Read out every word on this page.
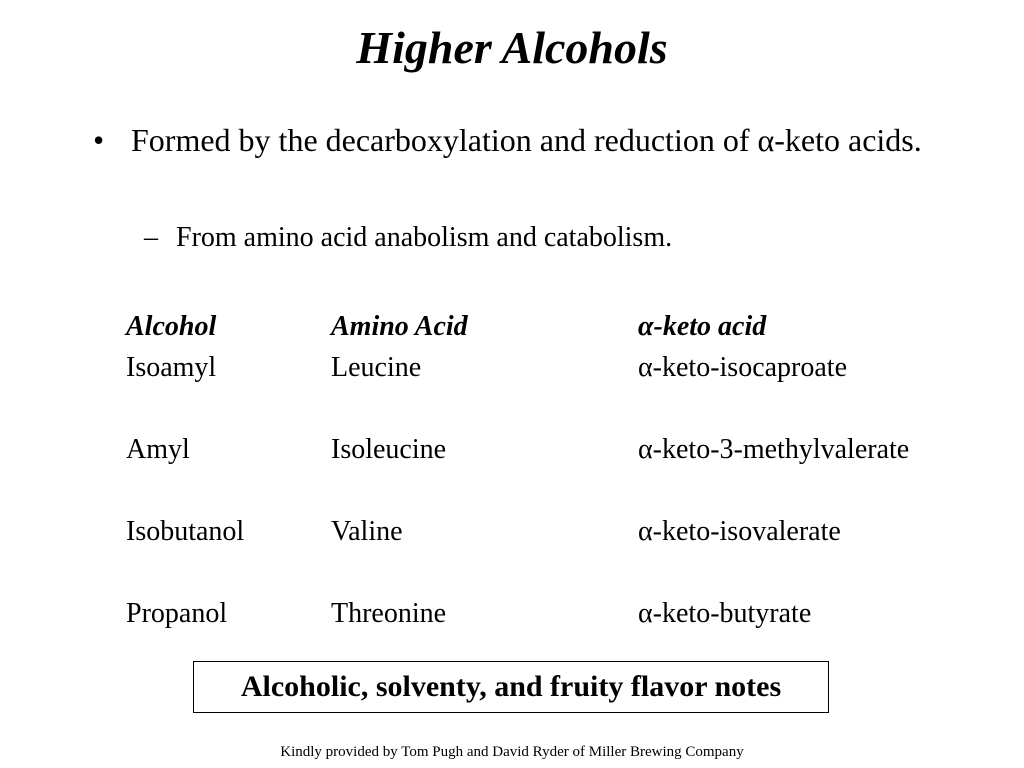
Higher Alcohols
• Formed by the decarboxylation and reduction of α-keto acids.
– From amino acid anabolism and catabolism.
Alcohol	Amino Acid	α-keto acid
Isoamyl	Leucine	α-keto-isocaproate
Amyl	Isoleucine	α-keto-3-methylvalerate
Isobutanol	Valine	α-keto-isovalerate
Propanol	Threonine	α-keto-butyrate
Alcoholic, solventy, and fruity flavor notes
Kindly provided by Tom Pugh and David Ryder of Miller Brewing Company
